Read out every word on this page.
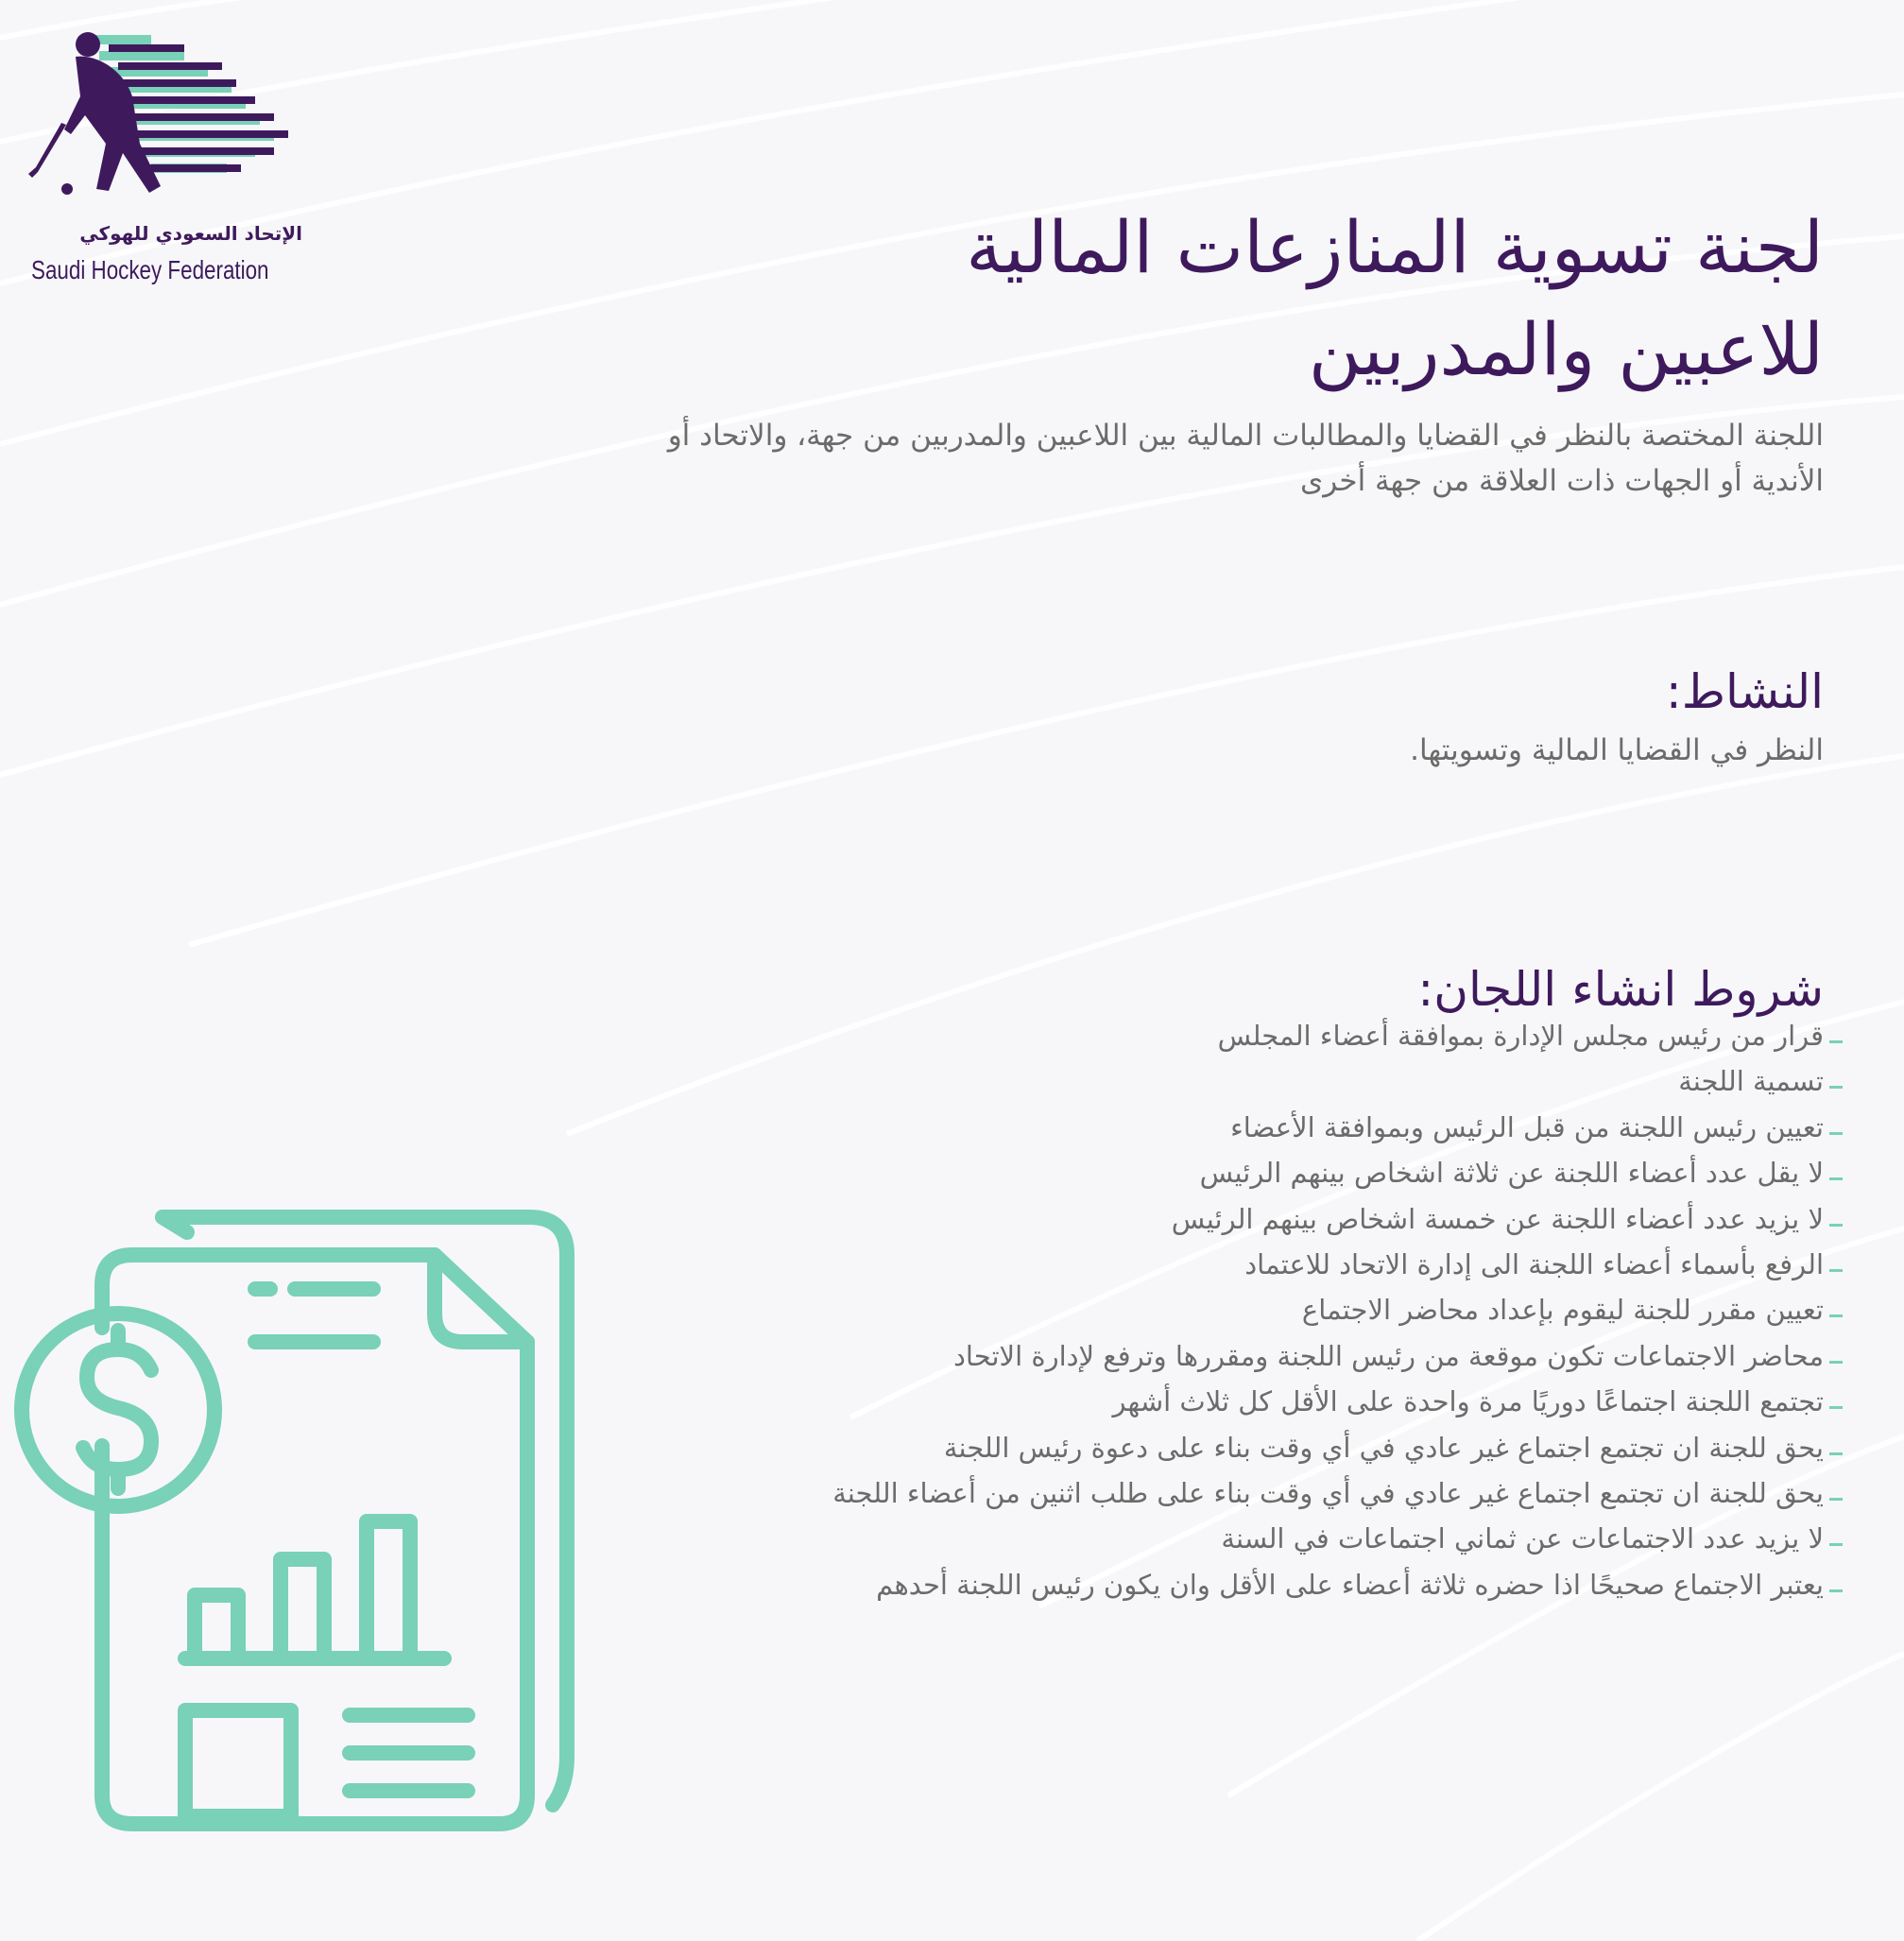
الإتحاد السعودي للهوكي
Saudi Hockey Federation	لجنة تسوية المنازعات المالية
للاعبين والمدربين
اللجنة المختصة بالنظر في القضايا والمطالبات المالية بين اللاعبين والمدربين من جهة، والاتحاد أو
الأندية أو الجهات ذات العلاقة من جهة أخرى
النشاط:
النظر في القضايا المالية وتسويتها.
شروط انشاء اللجان:
قرار من رئيس مجلس الإدارة بموافقة أعضاء المجلس
تسمية اللجنة
تعيين رئيس اللجنة من قبل الرئيس وبموافقة الأعضاء
لا يقل عدد أعضاء اللجنة عن ثلاثة اشخاص بينهم الرئيس
لا يزيد عدد أعضاء اللجنة عن خمسة اشخاص بينهم الرئيس
الرفع بأسماء أعضاء اللجنة الى إدارة الاتحاد للاعتماد
تعيين مقرر للجنة ليقوم بإعداد محاضر الاجتماع
محاضر الاجتماعات تكون موقعة من رئيس اللجنة ومقررها وترفع لإدارة الاتحاد
تجتمع اللجنة اجتماعًا دوريًا مرة واحدة على الأقل كل ثلاث أشهر
يحق للجنة ان تجتمع اجتماع غير عادي في أي وقت بناء على دعوة رئيس اللجنة
يحق للجنة ان تجتمع اجتماع غير عادي في أي وقت بناء على طلب اثنين من أعضاء اللجنة
لا يزيد عدد الاجتماعات عن ثماني اجتماعات في السنة
يعتبر الاجتماع صحيحًا اذا حضره ثلاثة أعضاء على الأقل وان يكون رئيس اللجنة أحدهم
